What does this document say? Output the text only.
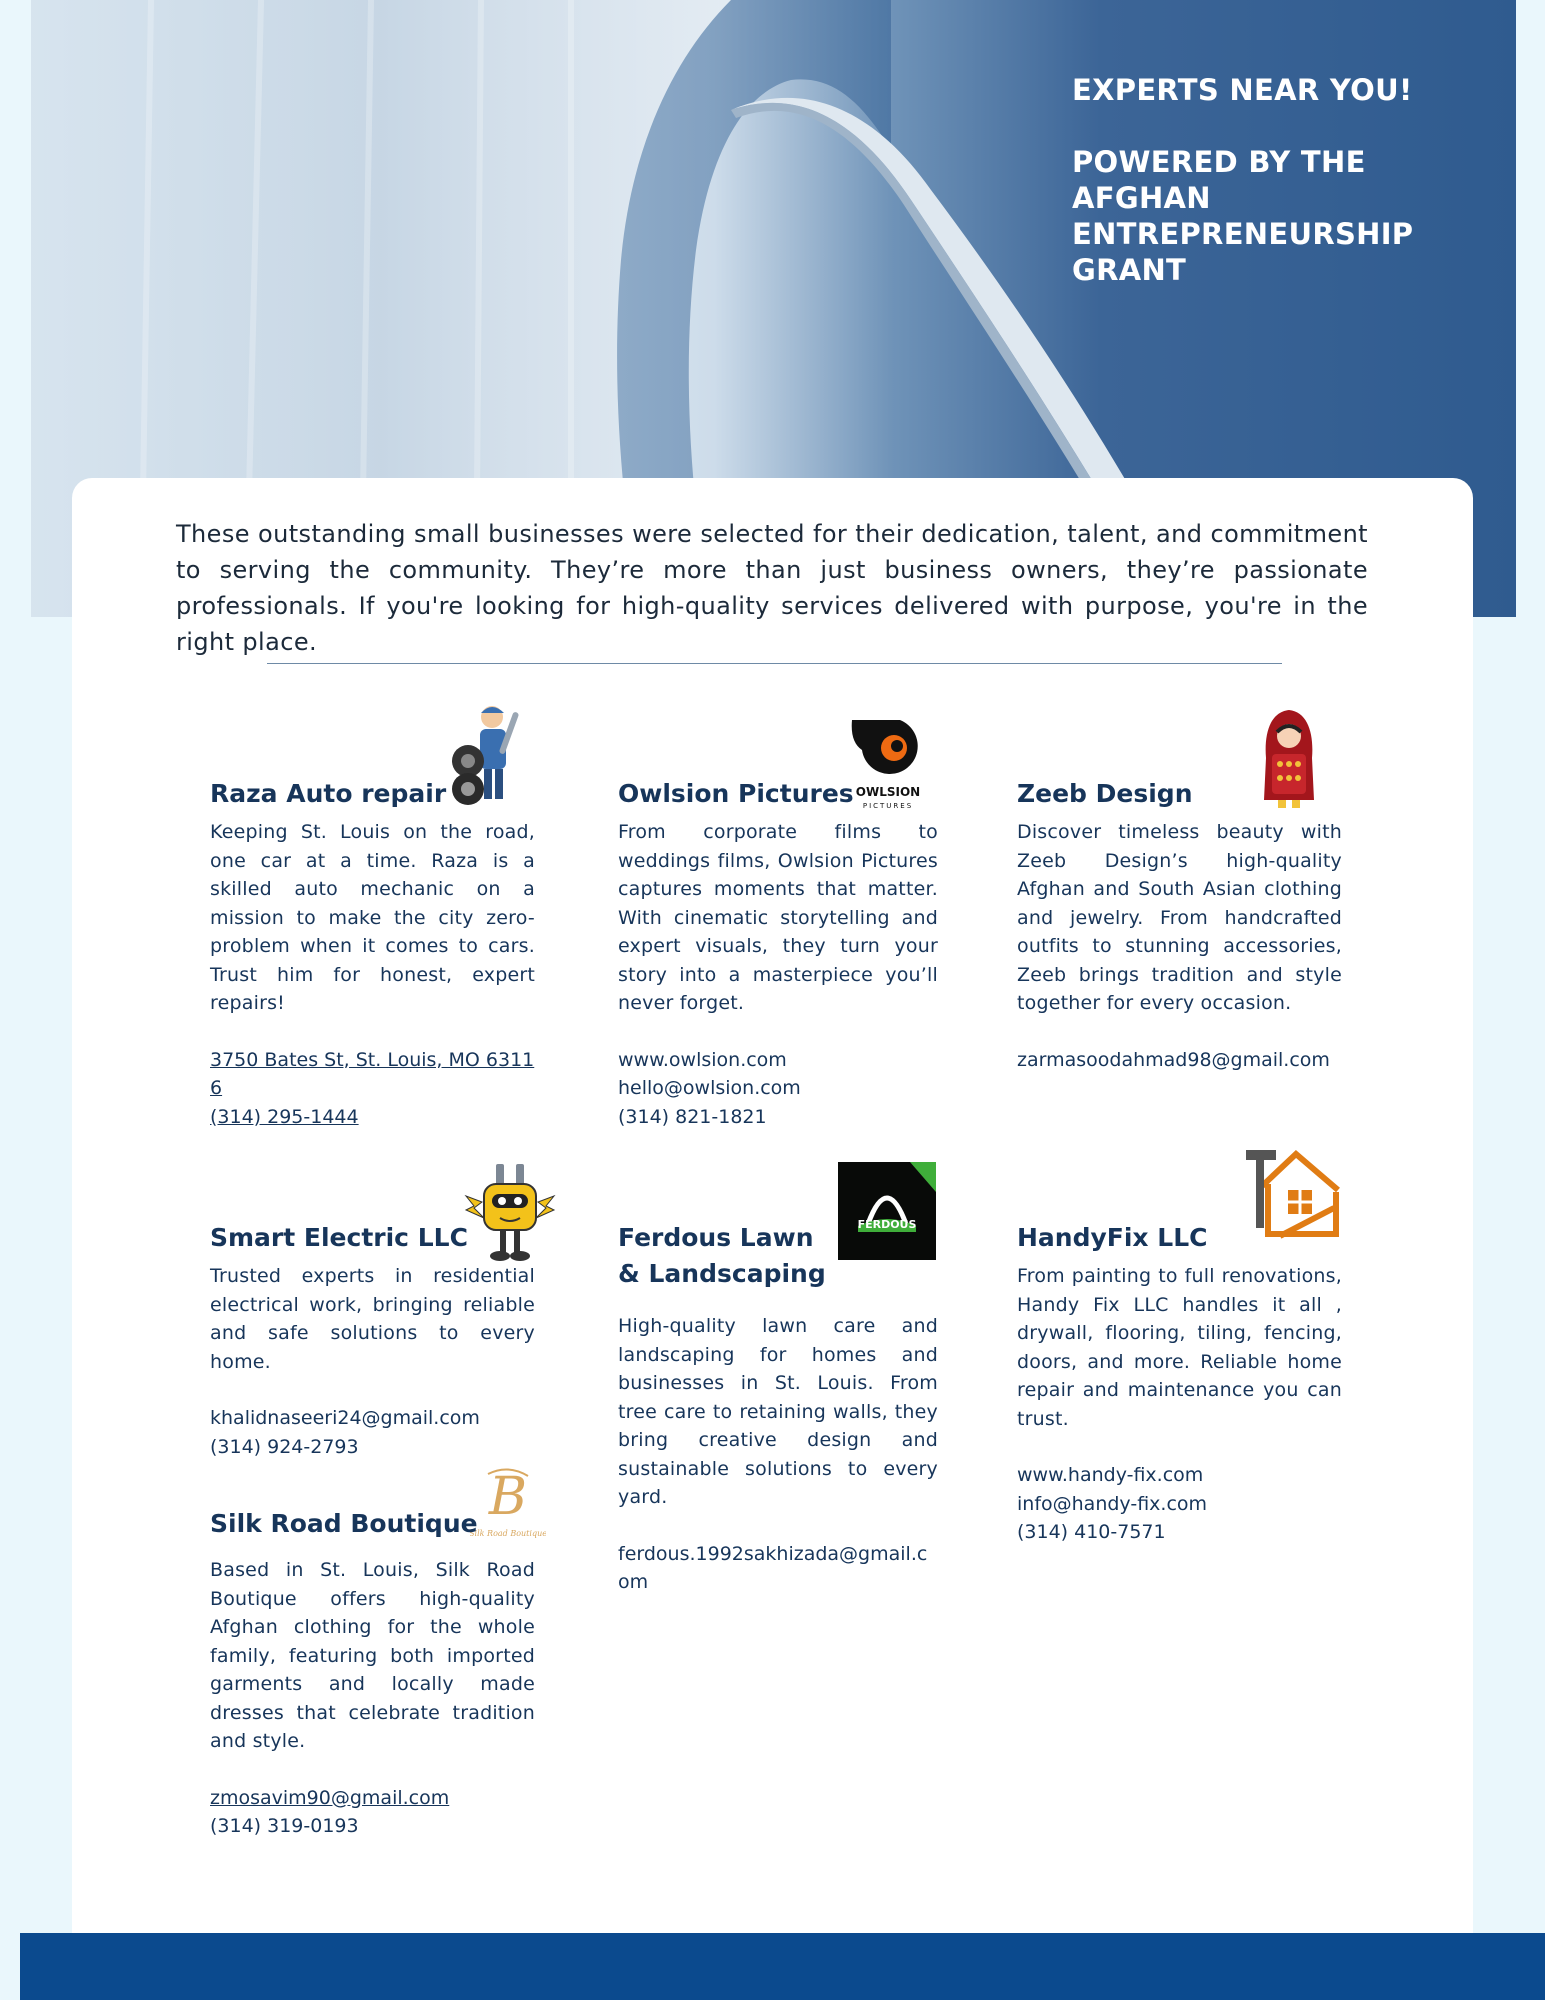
EXPERTS NEAR YOU!
POWERED BY THE AFGHAN ENTREPRENEURSHIP GRANT
These outstanding small businesses were selected for their dedication, talent, and commitment to serving the community. They’re more than just business owners, they’re passionate professionals. If you're looking for high-quality services delivered with purpose, you're in the right place.
Raza Auto repair

Keeping St. Louis on the road, one car at a time. Raza is a skilled auto mechanic on a mission to make the city zero-problem when it comes to cars. Trust him for honest, expert repairs!

3750 Bates St, St. Louis, MO 63116
(314) 295-1444
OWLSION
PICTURES
Owlsion Pictures

From corporate films to weddings films, Owlsion Pictures captures moments that matter. With cinematic storytelling and expert visuals, they turn your story into a masterpiece you’ll never forget.

www.owlsion.com
hello@owlsion.com
(314) 821-1821
Zeeb Design

Discover timeless beauty with Zeeb Design’s high-quality Afghan and South Asian clothing and jewelry. From handcrafted outfits to stunning accessories, Zeeb brings tradition and style together for every occasion.

zarmasoodahmad98@gmail.com
Smart Electric LLC

Trusted experts in residential electrical work, bringing reliable and safe solutions to every home.

khalidnaseeri24@gmail.com
(314) 924-2793
FERDOUS
Ferdous Lawn
& Landscaping

High-quality lawn care and landscaping for homes and businesses in St. Louis. From tree care to retaining walls, they bring creative design and sustainable solutions to every yard.

ferdous.1992sakhizada@gmail.com
HandyFix LLC

From painting to full renovations, Handy Fix LLC handles it all , drywall, flooring, tiling, fencing, doors, and more. Reliable home repair and maintenance you can trust.

www.handy-fix.com
info@handy-fix.com
(314) 410-7571
B
Silk Road Boutique
Silk Road Boutique

Based in St. Louis, Silk Road Boutique offers high-quality Afghan clothing for the whole family, featuring both imported garments and locally made dresses that celebrate tradition and style.

zmosavim90@gmail.com
(314) 319-0193
